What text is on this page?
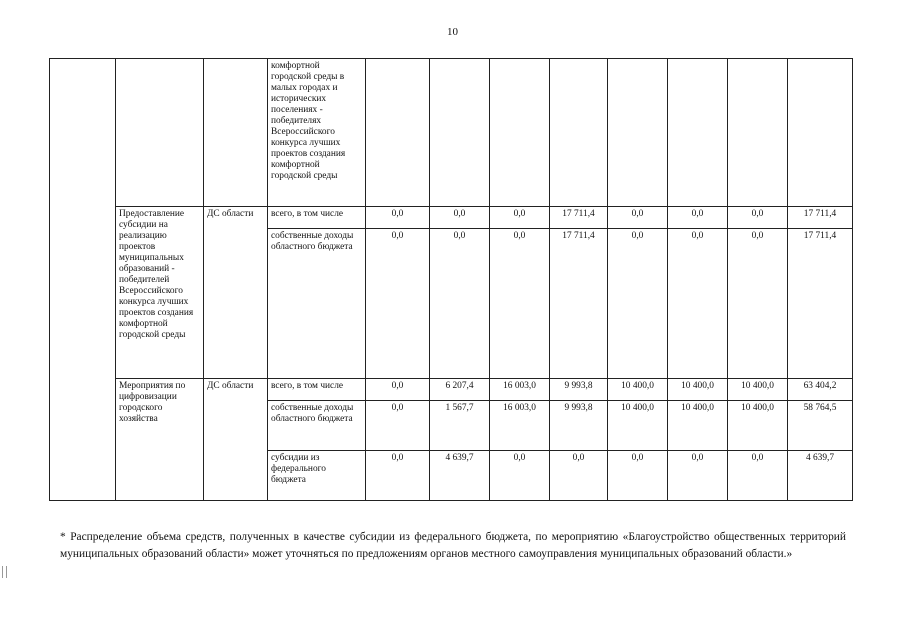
10
			комфортной городской среды в малых городах и исторических поселениях - победителях Всероссийского конкурса лучших проектов создания комфортной городской среды								
	Предоставление субсидии на реализацию проектов муниципальных образований - победителей Всероссийского конкурса лучших проектов создания комфортной городской среды	ДС области	всего, в том числе	0,0	0,0	0,0	17 711,4	0,0	0,0	0,0	17 711,4
			собственные доходы областного бюджета	0,0	0,0	0,0	17 711,4	0,0	0,0	0,0	17 711,4
	Мероприятия по цифровизации городского хозяйства	ДС области	всего, в том числе	0,0	6 207,4	16 003,0	9 993,8	10 400,0	10 400,0	10 400,0	63 404,2
			собственные доходы областного бюджета	0,0	1 567,7	16 003,0	9 993,8	10 400,0	10 400,0	10 400,0	58 764,5
			субсидии из федерального бюджета	0,0	4 639,7	0,0	0,0	0,0	0,0	0,0	4 639,7
* Распределение объема средств, полученных в качестве субсидии из федерального бюджета, по мероприятию «Благоустройство общественных территорий муниципальных образований области» может уточняться по предложениям органов местного самоуправления муниципальных образований области.»
